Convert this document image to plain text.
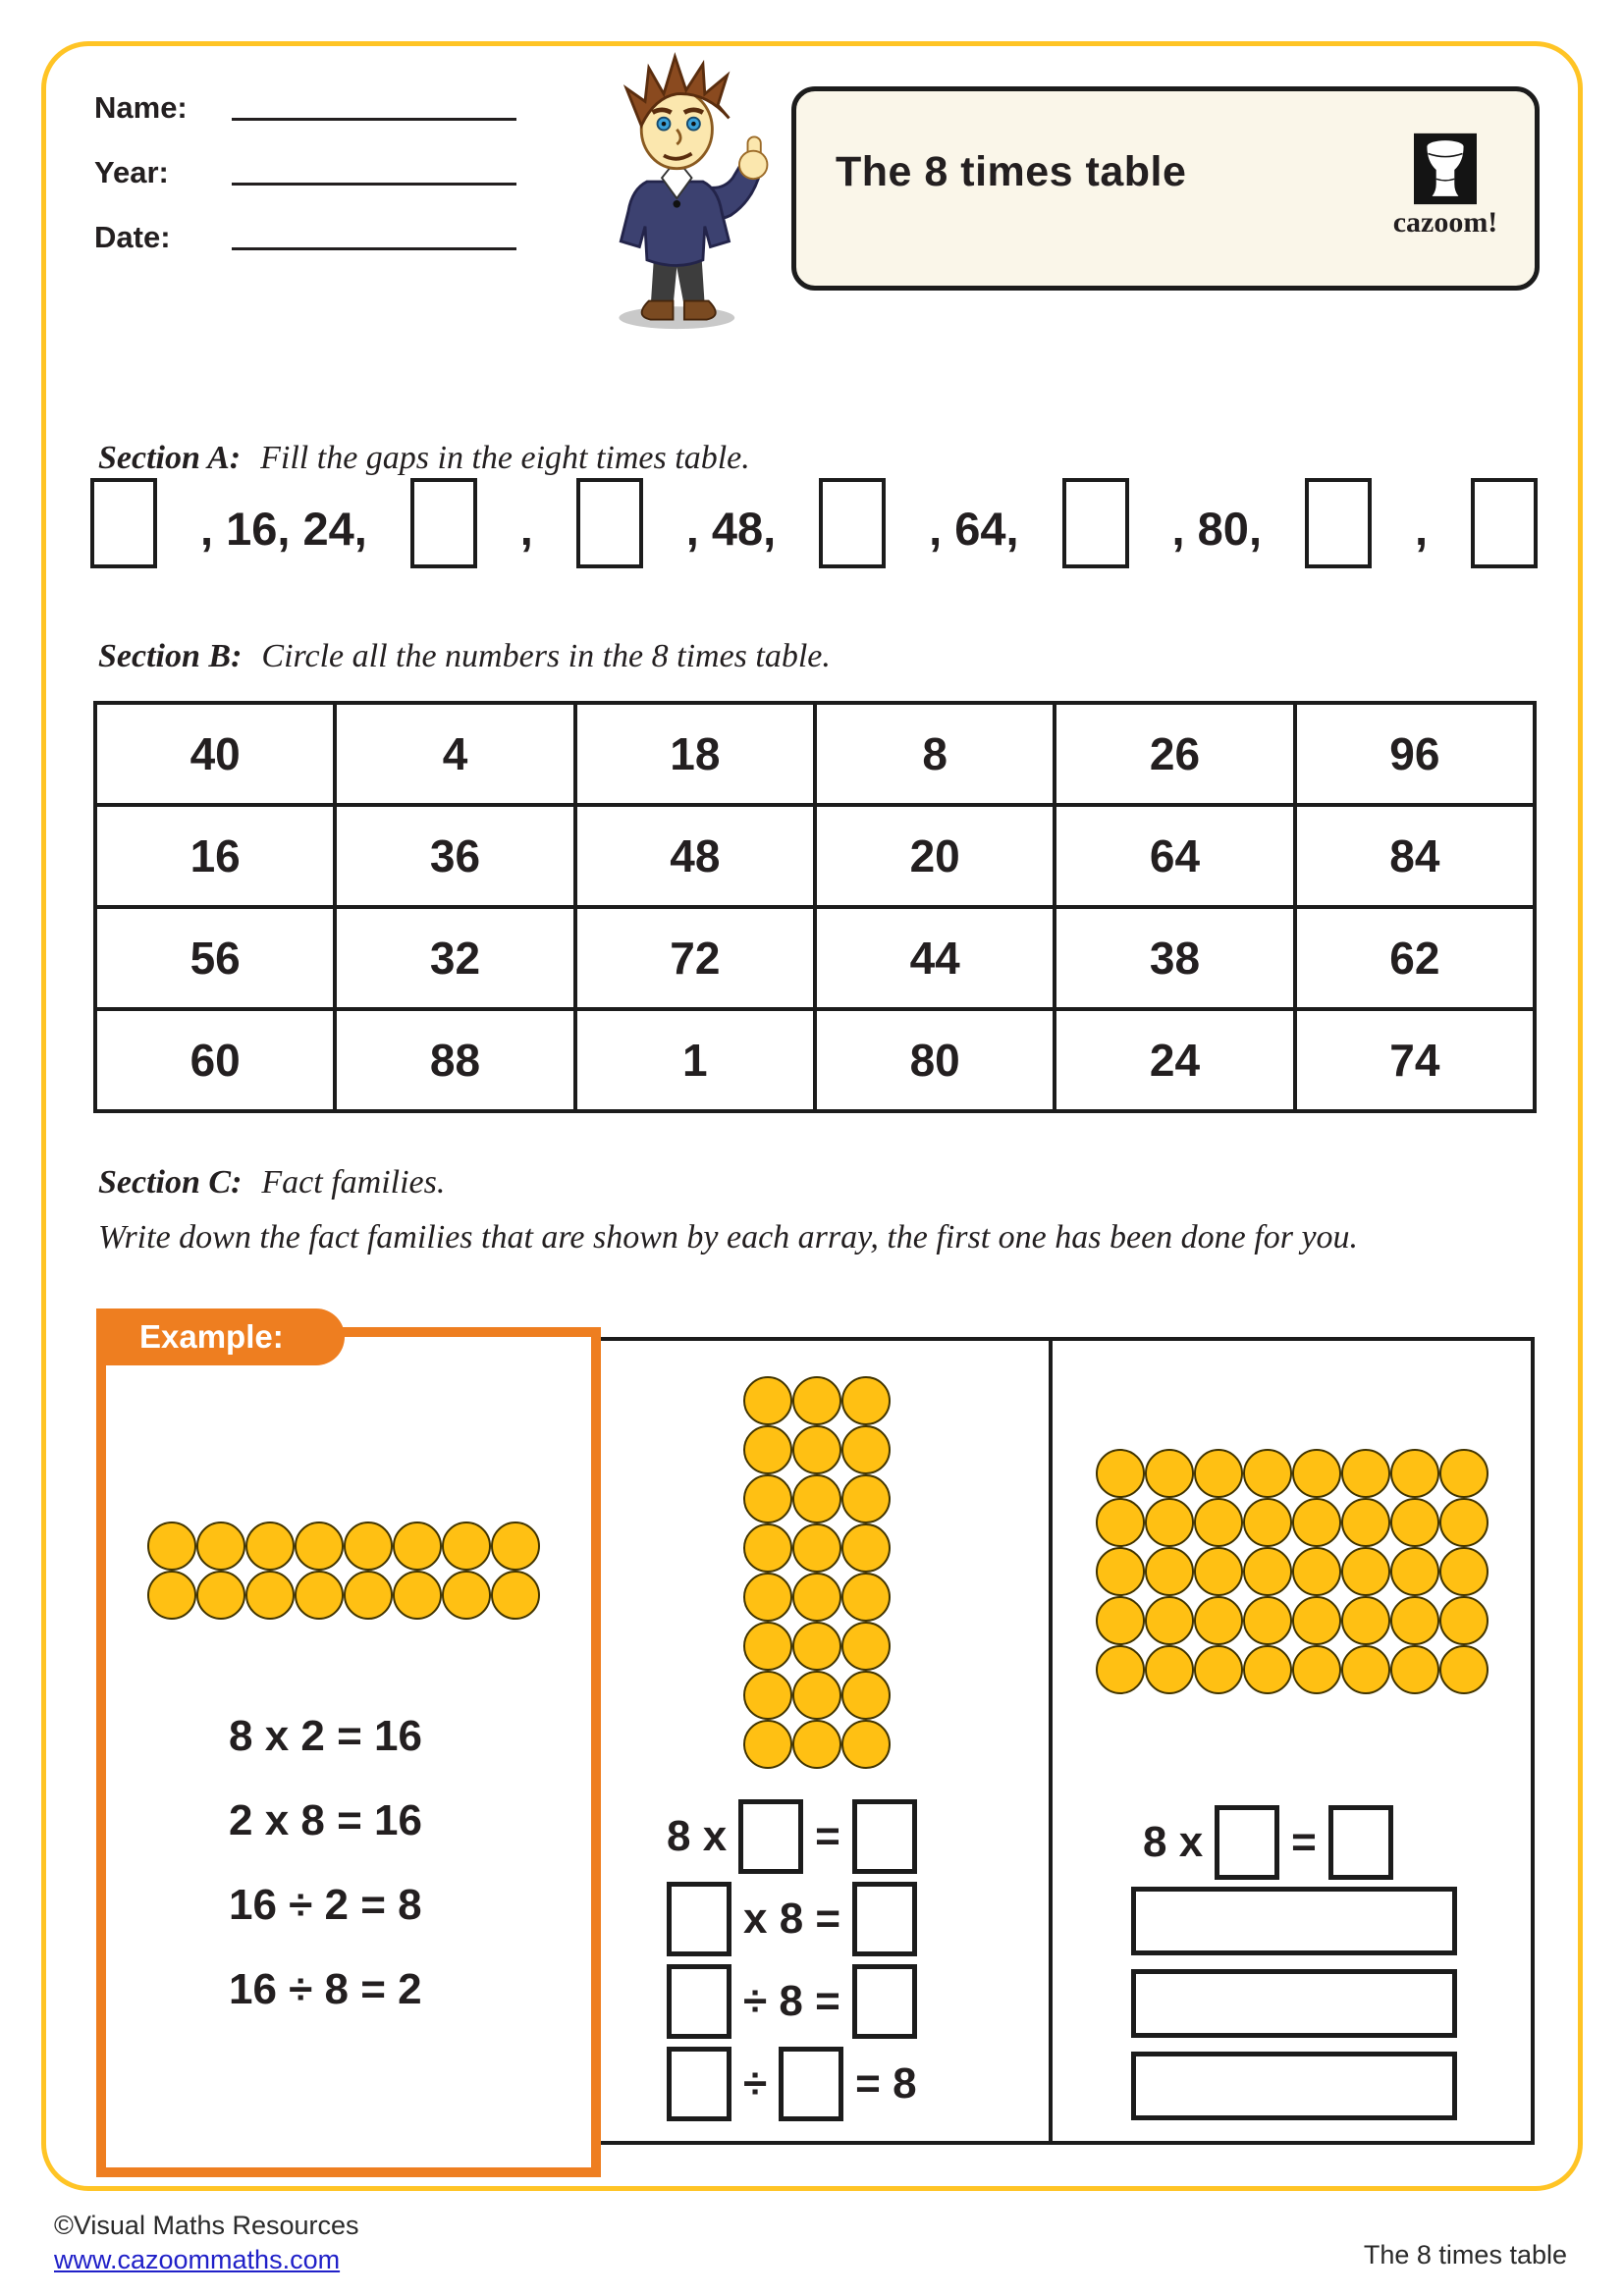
Name:
Year:
Date:
The 8 times table
cazoom!
Section A: Fill the gaps in the eight times table.
, 16, 24,	,	, 48,	, 64,	, 80,	,
Section B: Circle all the numbers in the 8 times table.
40	4	18	8	26	96
16	36	48	20	64	84
56	32	72	44	38	62
60	88	1	80	24	74
Section C: Fact families.
Write down the fact families that are shown by each array, the first one has been done for you.
8 x =
x 8 =
÷ 8 =
÷ = 8
8 x =
Example:
8 x 2 = 16
2 x 8 = 16
16 ÷ 2 = 8
16 ÷ 8 = 2
©Visual Maths Resources
www.cazoommaths.com	The 8 times table
